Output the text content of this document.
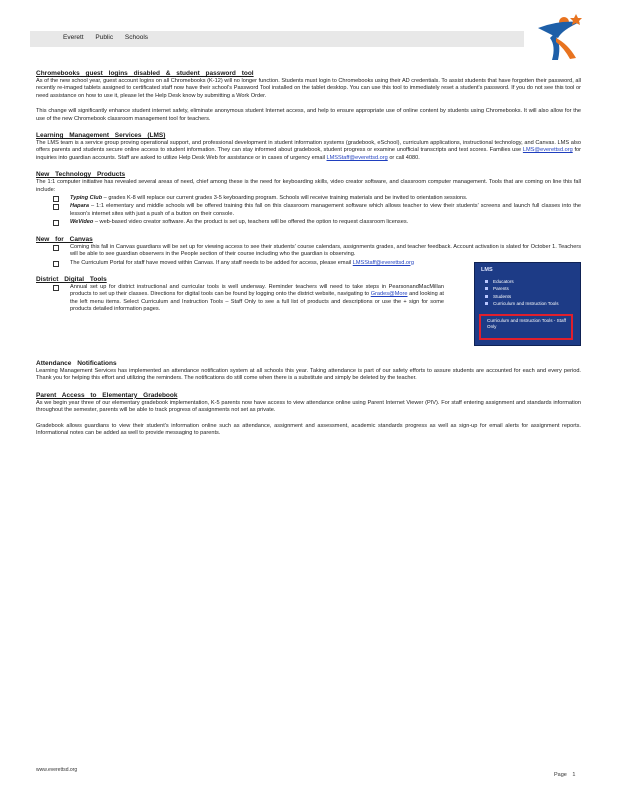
Everett Public Schools

Chromebooks guest logins disabled & student password tool

As of the new school year, guest account logins on all Chromebooks (K-12) will no longer function. Students must login to Chromebooks using their AD credentials. To assist students that have forgotten their password, all recently re-imaged tablets assigned to certificated staff now have their school's Password Tool installed on the tablet desktop. You can use this tool to immediately reset a student's password. If you do not see this tool or need assistance on how to use it, please let the Help Desk know by submitting a Work Order.

This change will significantly enhance student internet safety, eliminate anonymous student Internet access, and help to ensure appropriate use of online content by students using Chromebooks. It will also allow for the use of the new Chromebook classroom management tool for teachers.

Learning Management Services (LMS)

The LMS team is a service group proving operational support, and professional development in student information systems (gradebook, eSchool), curriculum applications, instructional technology, and Canvas. LMS also offers parents and students secure online access to student information. They can stay informed about gradebook, student progress or examine unofficial transcripts and test scores. Families use LMS@everettsd.org for inquiries into guardian accounts. Staff are asked to utilize Help Desk Web for assistance or in cases of urgency email LMSStaff@everettsd.org or call 4080.

New Technology Products

The 1:1 computer initiative has revealed several areas of need, chief among these is the need for keyboarding skills, video creator software, and classroom computer management. Tools that are coming on line this fall include:

Typing Club – grades K-8 will replace our current grades 3-5 keyboarding program. Schools will receive training materials and be invited to orientation sessions.
Hapara – 1:1 elementary and middle schools will be offered training this fall on this classroom management software which allows teacher to view their students' screens and launch full classes into the lesson's internet sites with just a push of a button on their console.
WeVideo – web-based video creator software. As the product is set up, teachers will be offered the option to request classroom licenses.

New for Canvas

Coming this fall in Canvas guardians will be set up for viewing access to see their students' course calendars, assignments grades, and teacher feedback. Account activation is slated for October 1. Teachers will be able to see guardian observers in the People section of their course including who the guardian is observing.
The Curriculum Portal for staff have moved within Canvas. If any staff needs to be added for access, please email LMSStaff@everettsd.org

District Digital Tools

Annual set up for district instructional and curricular tools is well underway. Reminder teachers will need to take steps in PearsonandMacMillan products to set up their classes. Directions for digital tools can be found by logging onto the district website, navigating to Grades@More and looking at the left menu items. Select Curriculum and Instruction Tools – Staff Only to see a full list of products and descriptions or use the + sign for some products detailed information pages.
LMS
Educators
Parents
Students
Curriculum and Instruction Tools
Curriculum and Instruction Tools - Staff Only

Attendance Notifications

Learning Management Services has implemented an attendance notification system at all schools this year. Taking attendance is part of our safety efforts to assure students are accounted for each and every period. Thank you for helping this effort and utilizing the reminders. The notifications do still come when there is a substitute and simply be deleted by the teacher.

Parent Access to Elementary Gradebook

As we begin year three of our elementary gradebook implementation, K-5 parents now have access to view attendance online using Parent Internet Viewer (PIV). For staff entering assignment and standards information throughout the semester, parents will be able to track progress of assignments not set as private.

Gradebook allows guardians to view their student's information online such as attendance, assignment and assessment, academic standards progress as well as sign-up for email alerts for assignment reports. Informational notes can be added as well to provide messaging to parents.

www.everettsd.org
Page 1
